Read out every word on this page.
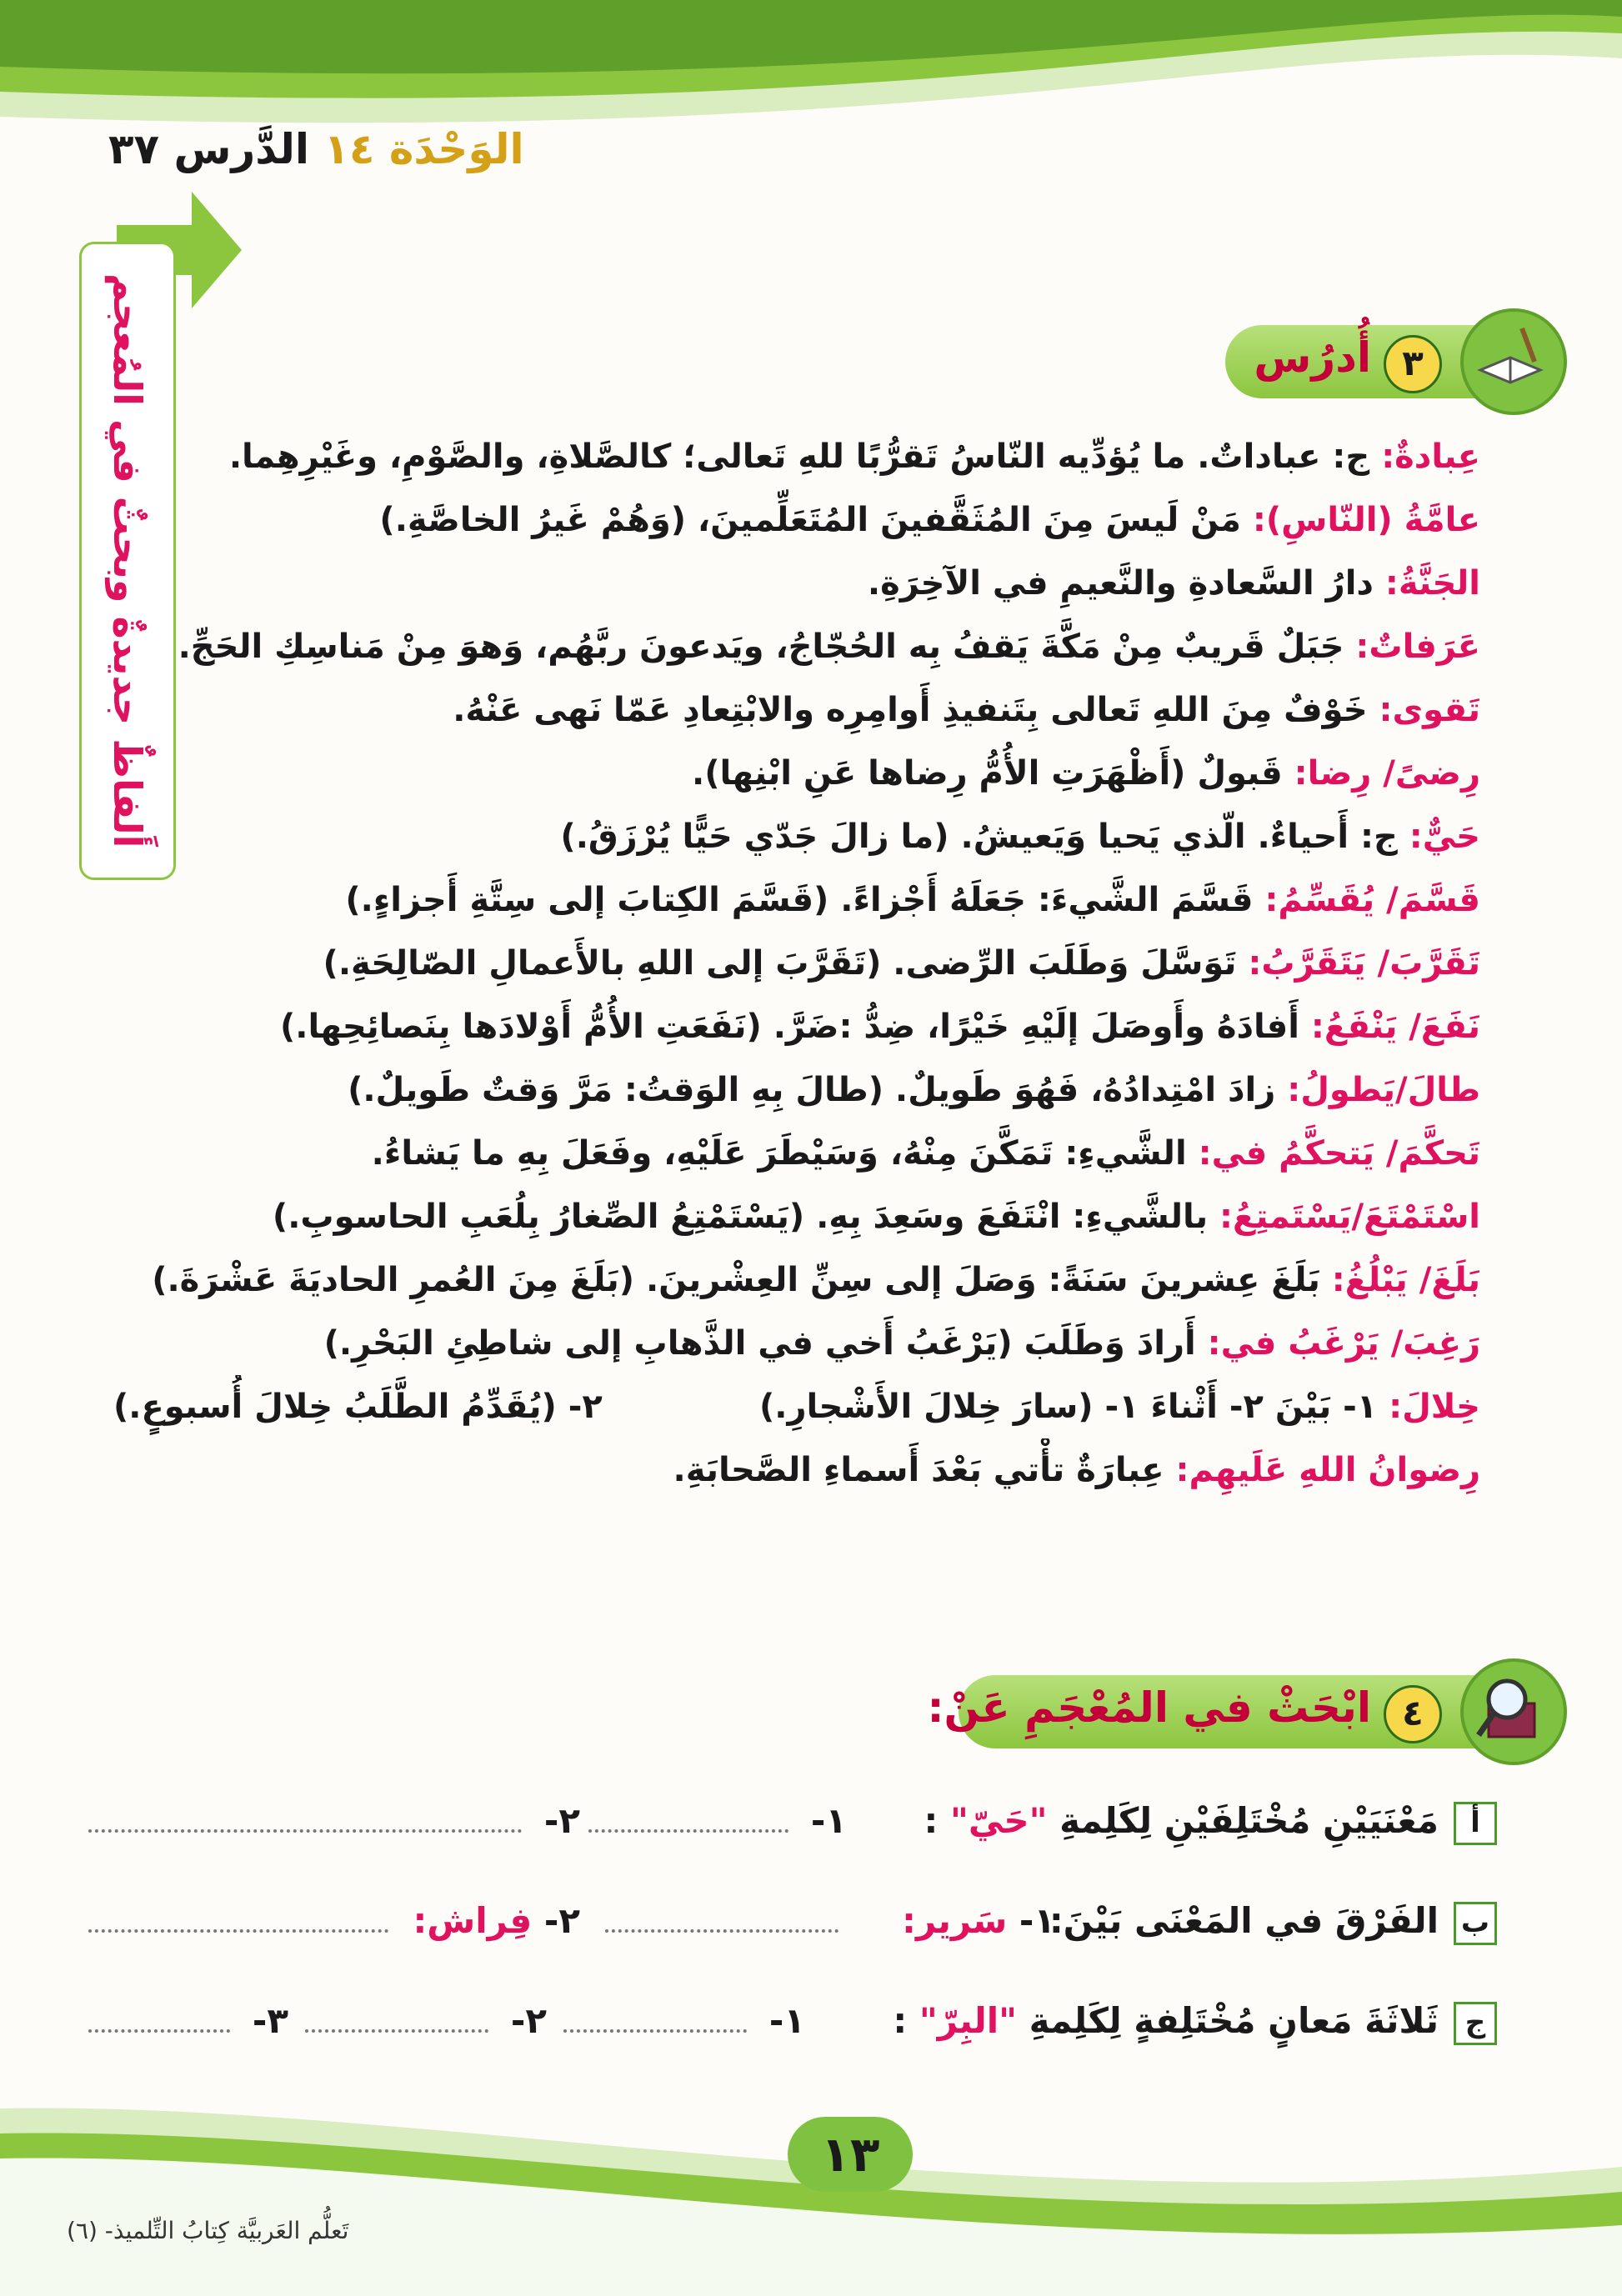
الوَحْدَة ١٤ الدَّرس ٣٧
أَلفاظٌ جديدةٌ وبحثٌ في المُعجم	٣
أُدرُس
عِبادةٌ: ج: عباداتٌ. ما يُؤدِّيه النّاسُ تَقرُّبًا للهِ تَعالى؛ كالصَّلاةِ، والصَّوْمِ، وغَيْرِهِما.
عامَّةُ (النّاسِ): مَنْ لَيسَ مِنَ المُثَقَّفينَ المُتَعَلِّمينَ، (وَهُمْ غَيرُ الخاصَّةِ.)
الجَنَّةُ: دارُ السَّعادةِ والنَّعيمِ في الآخِرَةِ.
عَرَفاتٌ: جَبَلٌ قَريبٌ مِنْ مَكَّةَ يَقفُ بِه الحُجّاجُ، ويَدعونَ ربَّهُم، وَهوَ مِنْ مَناسِكِ الحَجِّ.
تَقوى: خَوْفٌ مِنَ اللهِ تَعالى بِتَنفيذِ أَوامِرِه والابْتِعادِ عَمّا نَهى عَنْهُ.
رِضىً/ رِضا: قَبولٌ (أَظْهَرَتِ الأُمُّ رِضاها عَنِ ابْنِها).
حَيٌّ: ج: أَحياءٌ. الّذي يَحيا وَيَعيشُ. (ما زالَ جَدّي حَيًّا يُرْزَقُ.)
قَسَّمَ/ يُقَسِّمُ: قَسَّمَ الشَّيءَ: جَعَلَهُ أَجْزاءً. (قَسَّمَ الكِتابَ إلى سِتَّةِ أَجزاءٍ.)
تَقَرَّبَ/ يَتَقَرَّبُ: تَوَسَّلَ وَطَلَبَ الرِّضى. (تَقَرَّبَ إلى اللهِ بالأَعمالِ الصّالِحَةِ.)
نَفَعَ/ يَنْفَعُ: أَفادَهُ وأَوصَلَ إلَيْهِ خَيْرًا، ضِدُّ :ضَرَّ. (نَفَعَتِ الأُمُّ أَوْلادَها بِنَصائِحِها.)
طالَ/يَطولُ: زادَ امْتِدادُهُ، فَهُوَ طَويلٌ. (طالَ بِهِ الوَقتُ: مَرَّ وَقتٌ طَويلٌ.)
تَحكَّمَ/ يَتحكَّمُ في: الشَّيءِ: تَمَكَّنَ مِنْهُ، وَسَيْطَرَ عَلَيْهِ، وفَعَلَ بِهِ ما يَشاءُ.
اسْتَمْتَعَ/يَسْتَمتِعُ: بالشَّيءِ: انْتَفَعَ وسَعِدَ بِهِ. (يَسْتَمْتِعُ الصِّغارُ بِلُعَبِ الحاسوبِ.)
بَلَغَ/ يَبْلُغُ: بَلَغَ عِشرينَ سَنَةً: وَصَلَ إلى سِنِّ العِشْرينَ. (بَلَغَ مِنَ العُمرِ الحاديَةَ عَشْرَةَ.)
رَغِبَ/ يَرْغَبُ في: أَرادَ وَطَلَبَ (يَرْغَبُ أَخي في الذَّهابِ إلى شاطِئِ البَحْرِ.)
خِلالَ: ١- بَيْنَ ٢- أَثْناءَ ١- (سارَ خِلالَ الأَشْجارِ.)
٢- (يُقَدِّمُ الطَّلَبُ خِلالَ أُسبوعٍ.)
رِضوانُ اللهِ عَلَيهِم: عِبارَةٌ تأْتي بَعْدَ أَسماءِ الصَّحابَةِ.
٤
ابْحَثْ في المُعْجَمِ عَنْ:
أمَعْنَيَيْنِ مُخْتَلِفَيْنِ لِكَلِمةِ "حَيّ" :
١-
٢-
بالفَرْقَ في المَعْنَى بَيْنَ:
١- سَرير:
٢- فِراش:
جثَلاثَةَ مَعانٍ مُخْتَلِفةٍ لِكَلِمةِ "البِرّ" :
١-
٢-
٣-
١٣
تَعلُّم العَربيَّة كِتابُ التِّلميذ- (٦)
